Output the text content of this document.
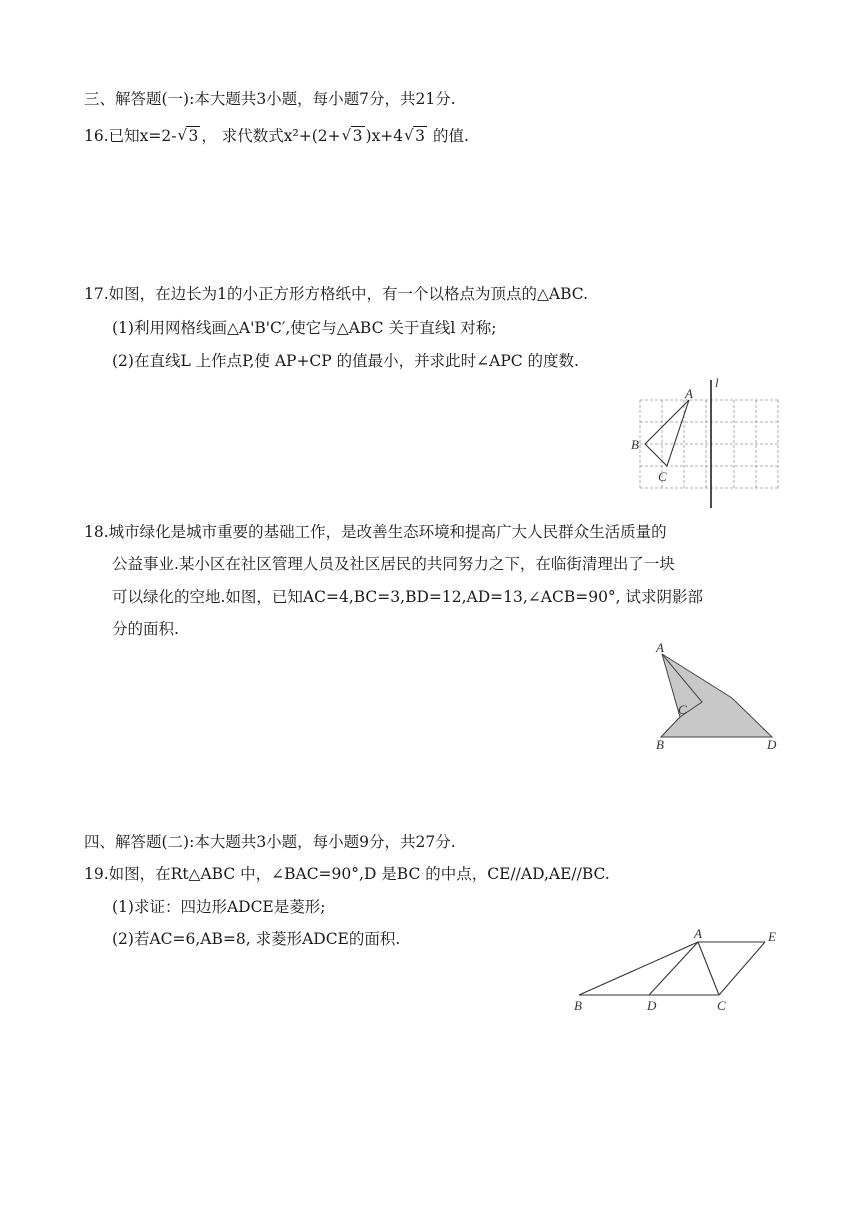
三、解答题(一):本大题共3小题，每小题7分，共21分.
16.已知x=2- √ 3 ， 求代数式x²+(2+ √ 3 )x+4 √ 3 的值.
17.如图，在边长为1的小正方形方格纸中，有一个以格点为顶点的△ABC.
(1)利用网格线画△A'B'C′,使它与△ABC 关于直线l 对称;
(2)在直线L 上作点P,使 AP+CP 的值最小，并求此时∠APC 的度数.
A
B
C
l
18.城市绿化是城市重要的基础工作，是改善生态环境和提高广大人民群众生活质量的
公益事业.某小区在社区管理人员及社区居民的共同努力之下，在临街清理出了一块
可以绿化的空地.如图，已知AC=4,BC=3,BD=12,AD=13,∠ACB=90°, 试求阴影部
分的面积.
A
C
B	D
四、解答题(二):本大题共3小题，每小题9分，共27分.
19.如图，在Rt△ABC 中，∠BAC=90°,D 是BC 的中点，CE//AD,AE//BC.
(1)求证：四边形ADCE是菱形;
(2)若AC=6,AB=8, 求菱形ADCE的面积.	A	E
B	D	C
